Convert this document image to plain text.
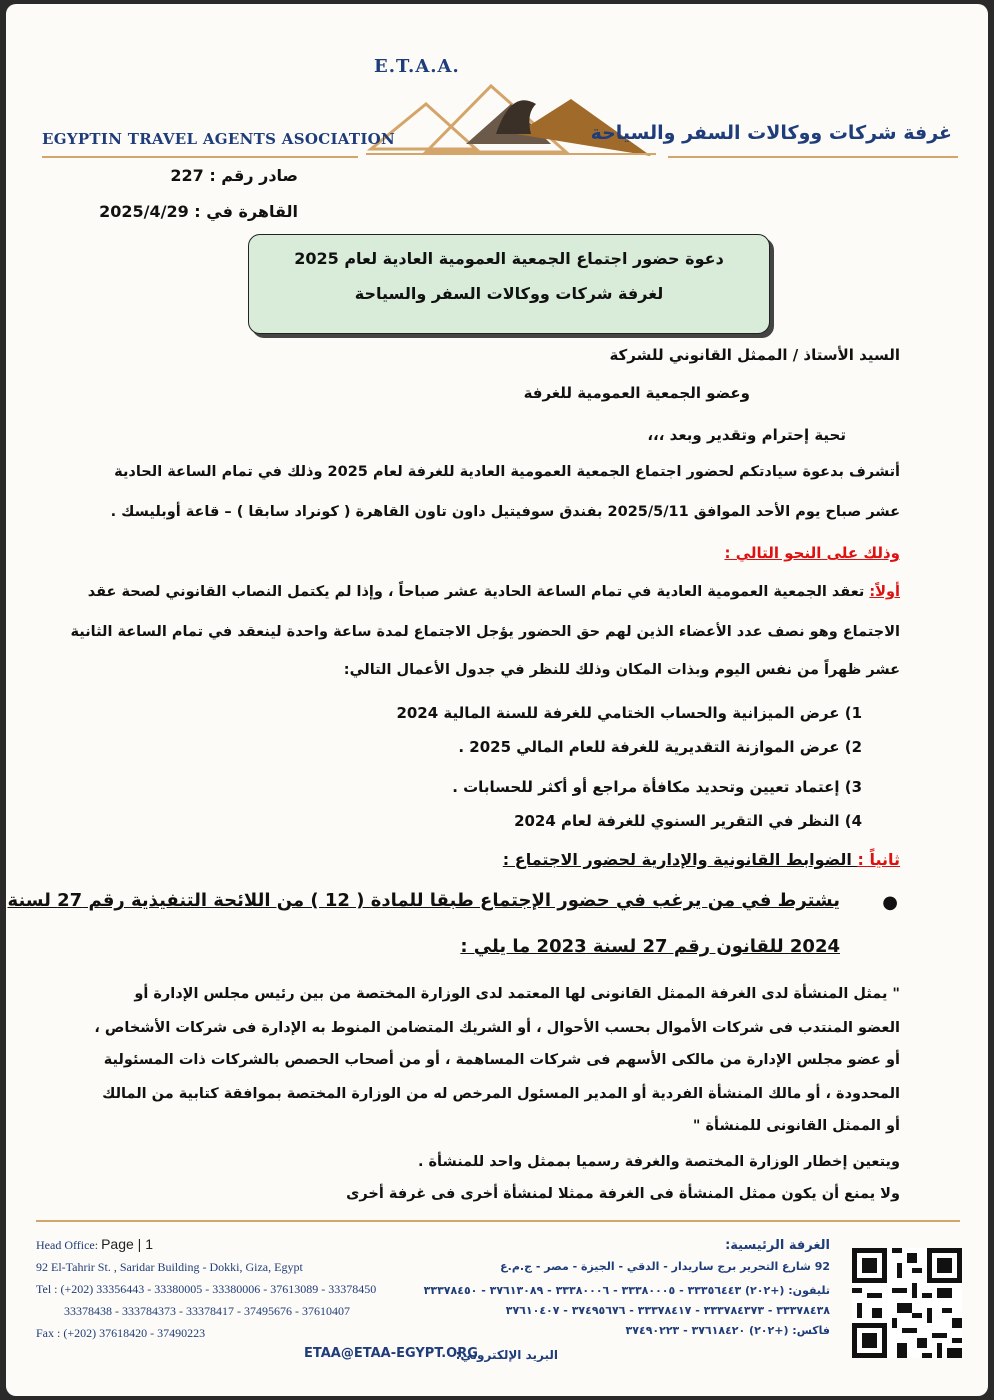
E.T.A.A.
EGYPTIN TRAVEL AGENTS ASOCIATION	غرفة شركات ووكالات السفر والسياحة
صادر رقم : 227
القاهرة في : 2025/4/29
دعوة حضور اجتماع الجمعية العمومية العادية لعام 2025
لغرفة شركات ووكالات السفر والسياحة
السيد الأستاذ / الممثل القانوني للشركة
وعضو الجمعية العمومية للغرفة
تحية إحترام وتقدير وبعد ،،،
أتشرف بدعوة سيادتكم لحضور اجتماع الجمعية العمومية العادية للغرفة لعام 2025 وذلك في تمام الساعة الحادية
عشر صباح يوم الأحد الموافق 2025/5/11 بفندق سوفيتيل داون تاون القاهرة ( كونراد سابقا ) – قاعة أوبليسك .
وذلك على النحو التالي :
أولاً: تعقد الجمعية العمومية العادية في تمام الساعة الحادية عشر صباحاً ، وإذا لم يكتمل النصاب القانوني لصحة عقد
الاجتماع وهو نصف عدد الأعضاء الذين لهم حق الحضور يؤجل الاجتماع لمدة ساعة واحدة لينعقد في تمام الساعة الثانية
عشر ظهراً من نفس اليوم وبذات المكان وذلك للنظر في جدول الأعمال التالي:
1) عرض الميزانية والحساب الختامي للغرفة للسنة المالية 2024
2) عرض الموازنة التقديرية للغرفة للعام المالي 2025 .
3) إعتماد تعيين وتحديد مكافأة مراجع أو أكثر للحسابات .
4) النظر في التقرير السنوي للغرفة لعام 2024
ثانياً : الضوابط القانونية والإدارية لحضور الاجتماع :
●
يشترط في من يرغب في حضور الإجتماع طبقا للمادة ( 12 ) من اللائحة التنفيذية رقم 27 لسنة
2024 للقانون رقم 27 لسنة 2023 ما يلي :
" يمثل المنشأة لدى الغرفة الممثل القانونى لها المعتمد لدى الوزارة المختصة من بين رئيس مجلس الإدارة أو
العضو المنتدب فى شركات الأموال بحسب الأحوال ، أو الشريك المتضامن المنوط به الإدارة فى شركات الأشخاص ،
أو عضو مجلس الإدارة من مالكى الأسهم فى شركات المساهمة ، أو من أصحاب الحصص بالشركات ذات المسئولية
المحدودة ، أو مالك المنشأة الفردية أو المدير المسئول المرخص له من الوزارة المختصة بموافقة كتابية من المالك
أو الممثل القانونى للمنشأة "
ويتعين إخطار الوزارة المختصة والغرفة رسميا بممثل واحد للمنشأة .
ولا يمنع أن يكون ممثل المنشأة فى الغرفة ممثلا لمنشأة أخرى فى غرفة أخرى
Head Office: Page | 1
92 El-Tahrir St. , Saridar Building - Dokki, Giza, Egypt
Tel : (+202) 33356443 - 33380005 - 33380006 - 37613089 - 33378450
33378438 - 333784373 - 33378417 - 37495676 - 37610407
Fax : (+202) 37618420 - 37490223
الغرفة الرئيسية:
92 شارع التحرير برج ساريدار - الدقي - الجيزة - مصر - ج.م.ع
تليفون: (+٢٠٢) ٣٣٣٥٦٤٤٣ - ٣٣٣٨٠٠٠٥ - ٣٣٣٨٠٠٠٦ - ٣٧٦١٣٠٨٩ - ٣٣٣٧٨٤٥٠
٣٣٣٧٨٤٣٨ - ٣٣٣٧٨٤٣٧٣ - ٣٣٣٧٨٤١٧ - ٣٧٤٩٥٦٧٦ - ٣٧٦١٠٤٠٧
فاكس: (+٢٠٢) ٣٧٦١٨٤٢٠ - ٣٧٤٩٠٢٢٣
البريد الإلكتروني:
ETAA@ETAA-EGYPT.ORG
